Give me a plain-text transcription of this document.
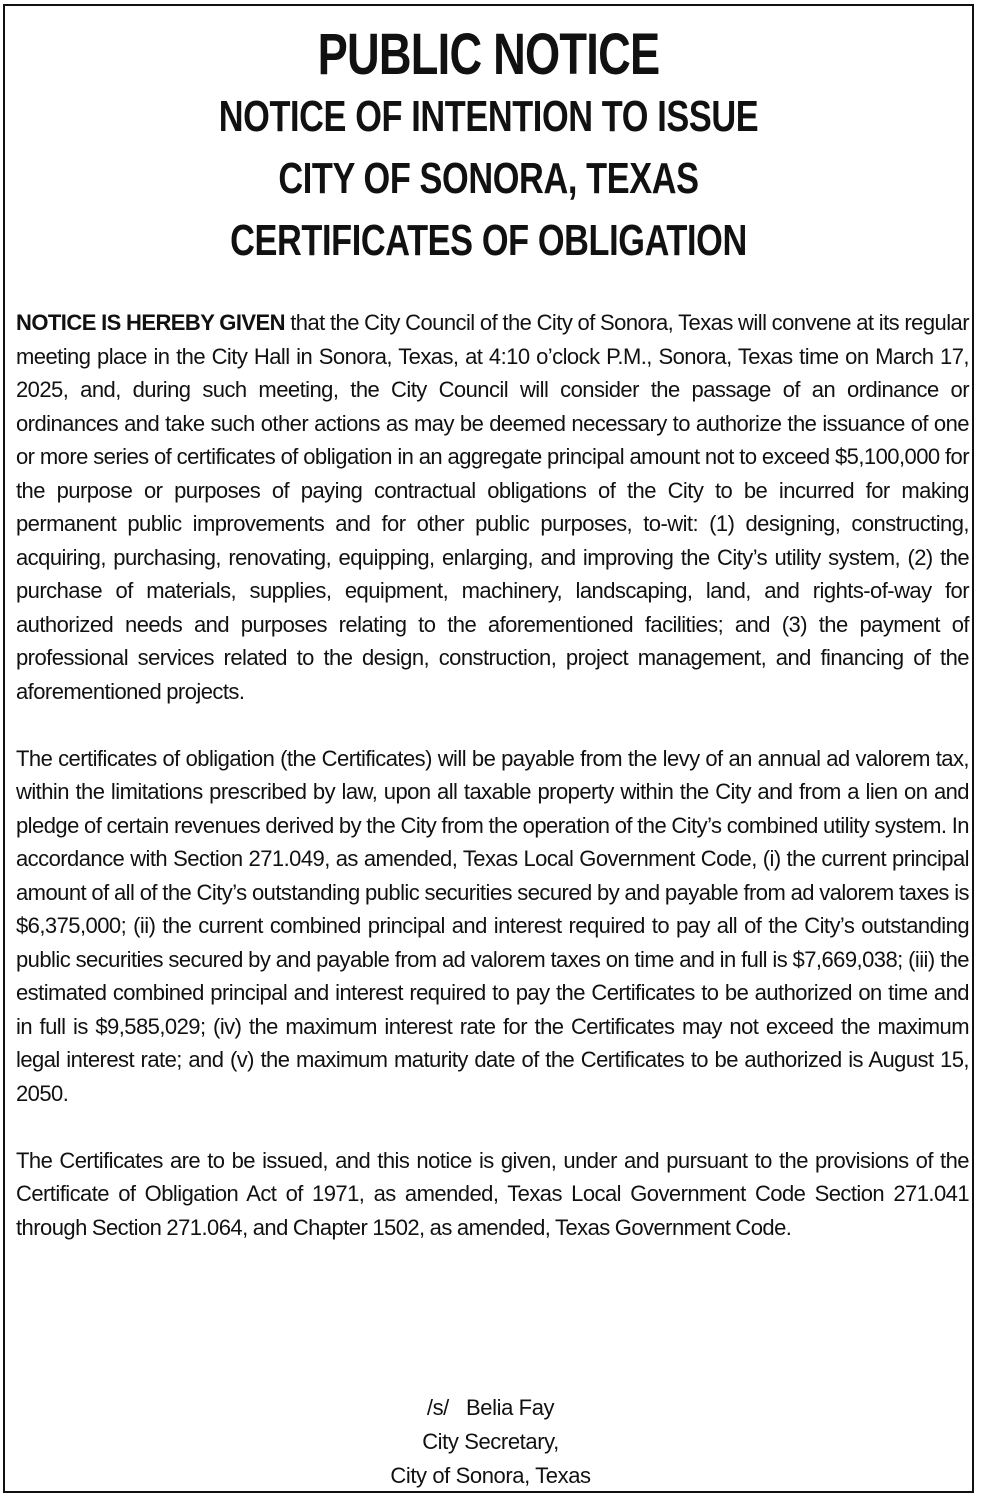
PUBLIC NOTICE
NOTICE OF INTENTION TO ISSUE
CITY OF SONORA, TEXAS
CERTIFICATES OF OBLIGATION

NOTICE IS HEREBY GIVEN that the City Council of the City of Sonora, Texas will convene at its regular meeting place in the City Hall in Sonora, Texas, at 4:10 o’clock P.M., Sonora, Texas time on March 17, 2025, and, during such meeting, the City Council will consider the passage of an ordinance or ordinances and take such other actions as may be deemed necessary to authorize the issuance of one or more series of certificates of obligation in an aggregate principal amount not to exceed $5,100,000 for the purpose or purposes of paying contractual obligations of the City to be incurred for making permanent public improvements and for other public purposes, to-wit: (1) designing, constructing, acquiring, purchasing, renovating, equipping, enlarging, and improving the City’s utility system, (2) the purchase of materials, supplies, equipment, machinery, landscaping, land, and rights-of-way for authorized needs and purposes relating to the aforementioned facilities; and (3) the payment of professional services related to the design, construction, project management, and financing of the aforementioned projects.

The certificates of obligation (the Certificates) will be payable from the levy of an annual ad valorem tax, within the limitations prescribed by law, upon all taxable property within the City and from a lien on and pledge of certain revenues derived by the City from the operation of the City’s combined utility system. In accordance with Section 271.049, as amended, Texas Local Government Code, (i) the current principal amount of all of the City’s outstanding public securities secured by and payable from ad valorem taxes is $6,375,000; (ii) the current combined principal and interest required to pay all of the City’s outstanding public securities secured by and payable from ad valorem taxes on time and in full is $7,669,038; (iii) the estimated combined principal and interest required to pay the Certificates to be authorized on time and in full is $9,585,029; (iv) the maximum interest rate for the Certificates may not exceed the maximum legal interest rate; and (v) the maximum maturity date of the Certificates to be authorized is August 15, 2050.

The Certificates are to be issued, and this notice is given, under and pursuant to the provisions of the Certificate of Obligation Act of 1971, as amended, Texas Local Government Code Section 271.041 through Section 271.064, and Chapter 1502, as amended, Texas Government Code.

/s/   Belia Fay
City Secretary,
City of Sonora, Texas
